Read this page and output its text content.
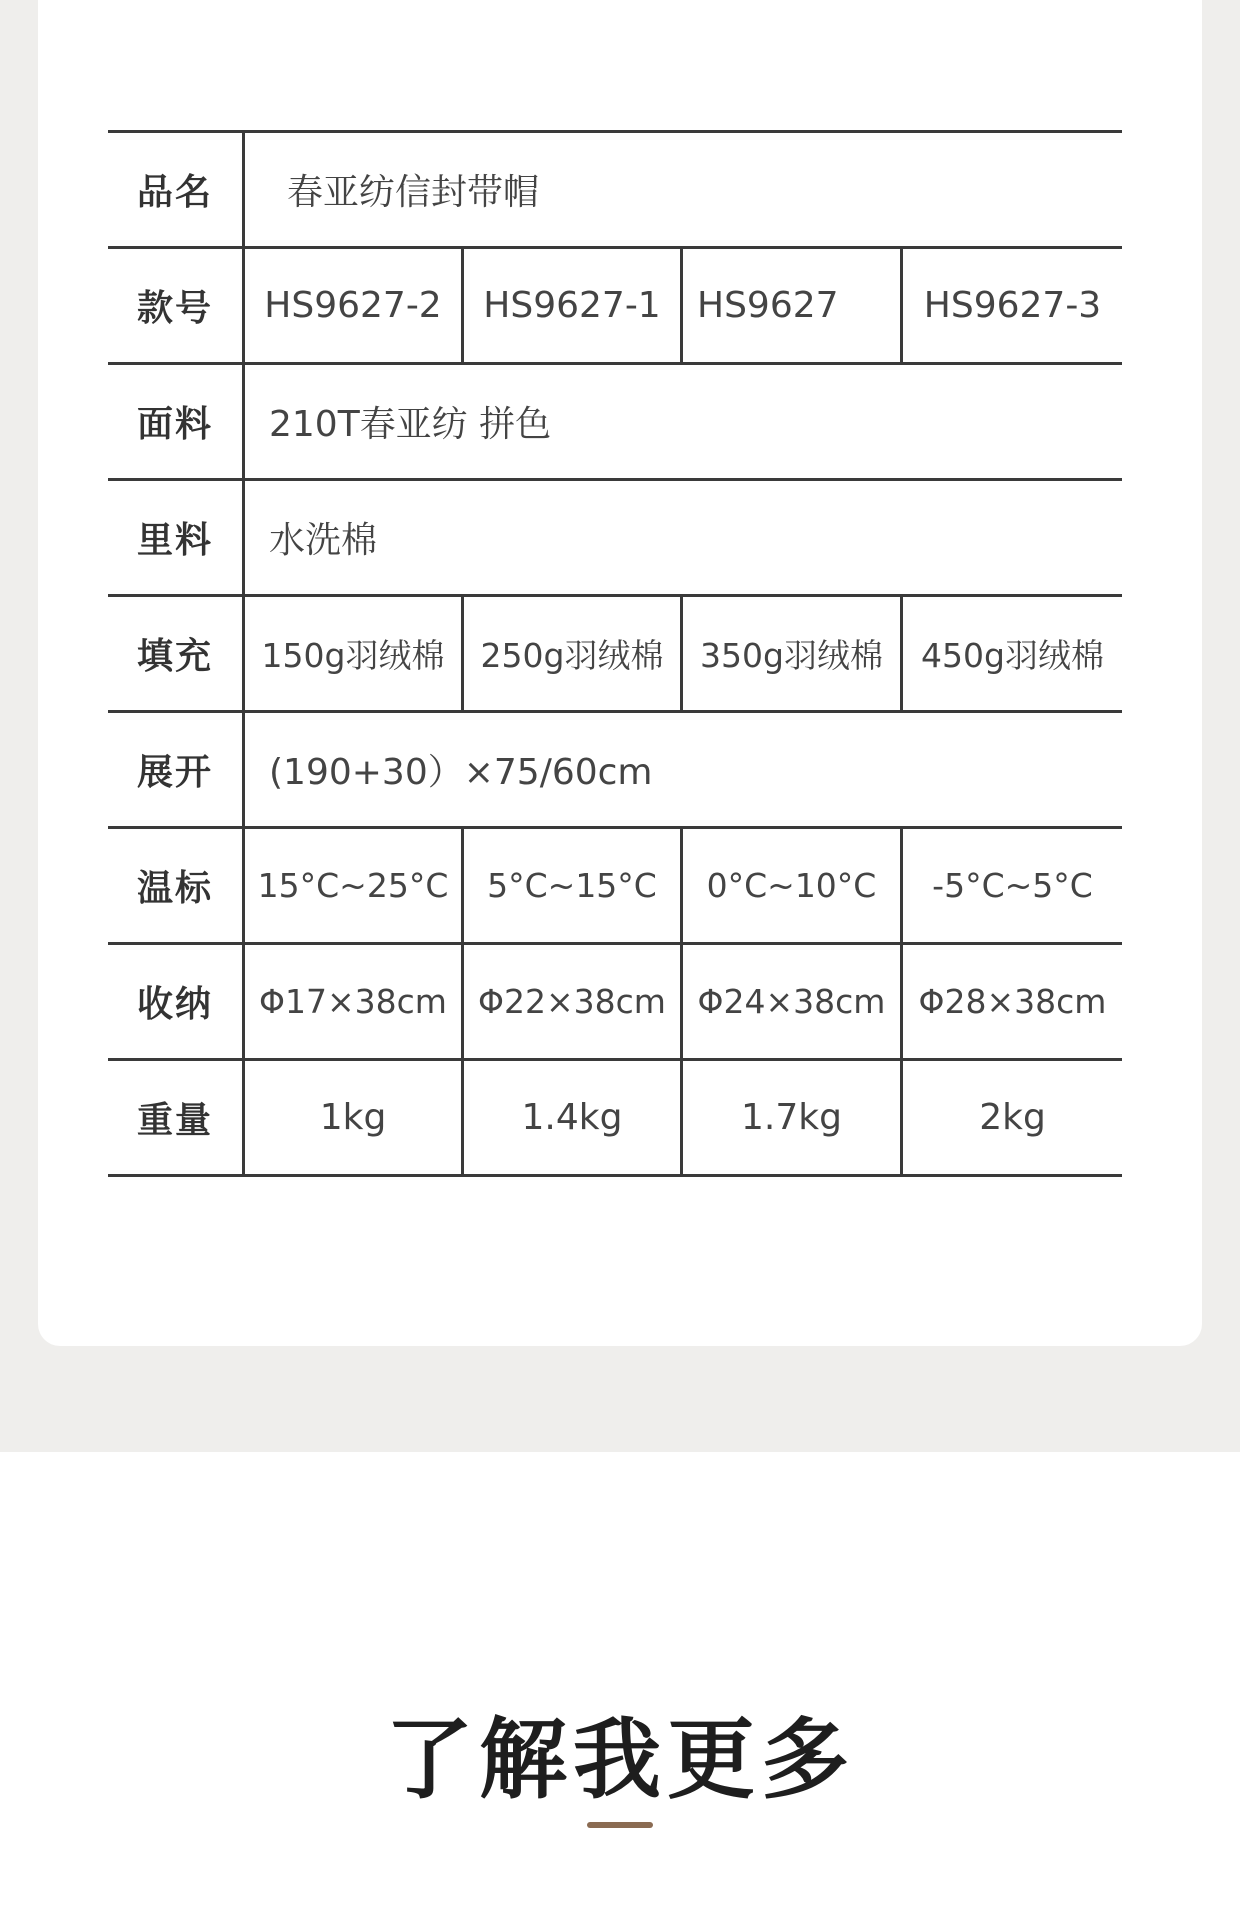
品名	春亚纺信封带帽
款号	HS9627-2	HS9627-1	HS9627	HS9627-3
面料	210T春亚纺 拼色
里料	水洗棉
填充	150g羽绒棉	250g羽绒棉	350g羽绒棉	450g羽绒棉
展开	(190+30）×75/60cm
温标	15°C~25°C	5°C~15°C	0°C~10°C	-5°C~5°C
收纳	Φ17×38cm Φ22×38cm Φ24×38cm	Φ28×38cm
重量	1kg	1.4kg	1.7kg	2kg
了解我更多
